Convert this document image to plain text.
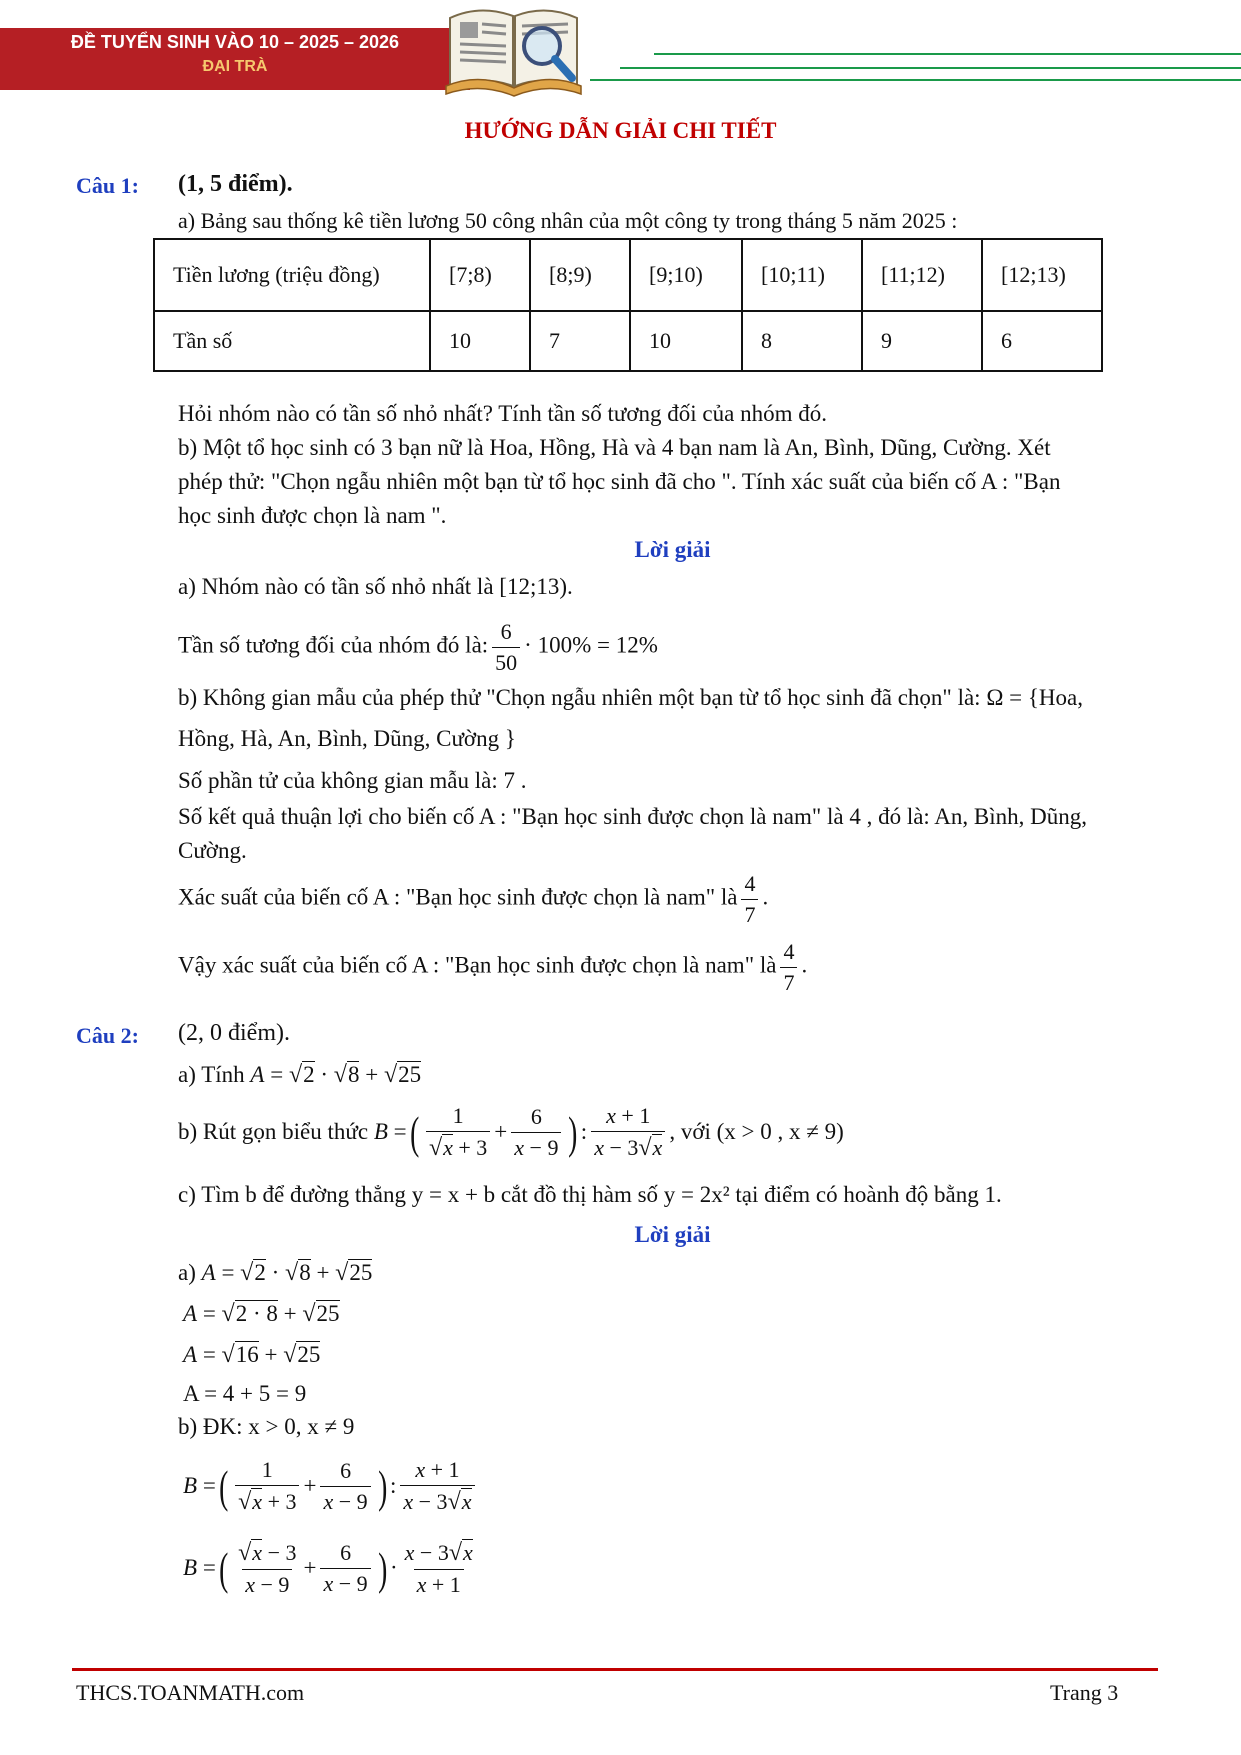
ĐỀ TUYỂN SINH VÀO 10 – 2025 – 2026
ĐẠI TRÀ
HƯỚNG DẪN GIẢI CHI TIẾT
Câu 1: (1, 5 điểm).
a) Bảng sau thống kê tiền lương 50 công nhân của một công ty trong tháng 5 năm 2025 :
Tiền lương (triệu đồng)	[7;8)	[8;9)	[9;10)	[10;11)	[11;12)	[12;13)
Tần số	10	7	10	8	9	6
Hỏi nhóm nào có tần số nhỏ nhất? Tính tần số tương đối của nhóm đó.
b) Một tổ học sinh có 3 bạn nữ là Hoa, Hồng, Hà và 4 bạn nam là An, Bình, Dũng, Cường. Xét
phép thử: "Chọn ngẫu nhiên một bạn từ tổ học sinh đã cho ". Tính xác suất của biến cố A : "Bạn
học sinh được chọn là nam ".
Lời giải
a) Nhóm nào có tần số nhỏ nhất là [12;13).
Tần số tương đối của nhóm đó là: $\frac{6}{50} \cdot 100\% = 12\%$
b) Không gian mẫu của phép thử "Chọn ngẫu nhiên một bạn từ tổ học sinh đã chọn" là: Ω = {Hoa,
Hồng, Hà, An, Bình, Dũng, Cường }
Số phần tử của không gian mẫu là: 7 .
Số kết quả thuận lợi cho biến cố A : "Bạn học sinh được chọn là nam" là 4 , đó là: An, Bình, Dũng,
Cường.
Xác suất của biến cố A : "Bạn học sinh được chọn là nam" là $\frac{4}{7}$ .
Vậy xác suất của biến cố A : "Bạn học sinh được chọn là nam" là $\frac{4}{7}$ .
Câu 2: (2, 0 điểm).
a) Tính A = √2 · √8 + √25
b) Rút gọn biểu thức
B = ( $\frac{1}{√x + 3} + \frac{6}{x - 9}$ ) : $\frac{x + 1}{x - 3√x}$ , với (x > 0 , x ≠ 9)
c) Tìm b để đường thẳng y = x + b cắt đồ thị hàm số y = 2x² tại điểm có hoành độ bằng 1.
Lời giải
a) A = √2 · √8 + √25
A = √2 · 8 + √25
A = √16 + √25
A = 4 + 5 = 9
b) ĐK: x > 0, x ≠ 9
B = ( $\frac{1}{√x + 3} + \frac{6}{x - 9}$ ) : $\frac{x + 1}{x - 3√x}$
B = ( $\frac{√x - 3}{x - 9} + \frac{6}{x - 9}$ ) · $\frac{x - 3√x}{x + 1}$
THCS.TOANMATH.com	Trang 3
